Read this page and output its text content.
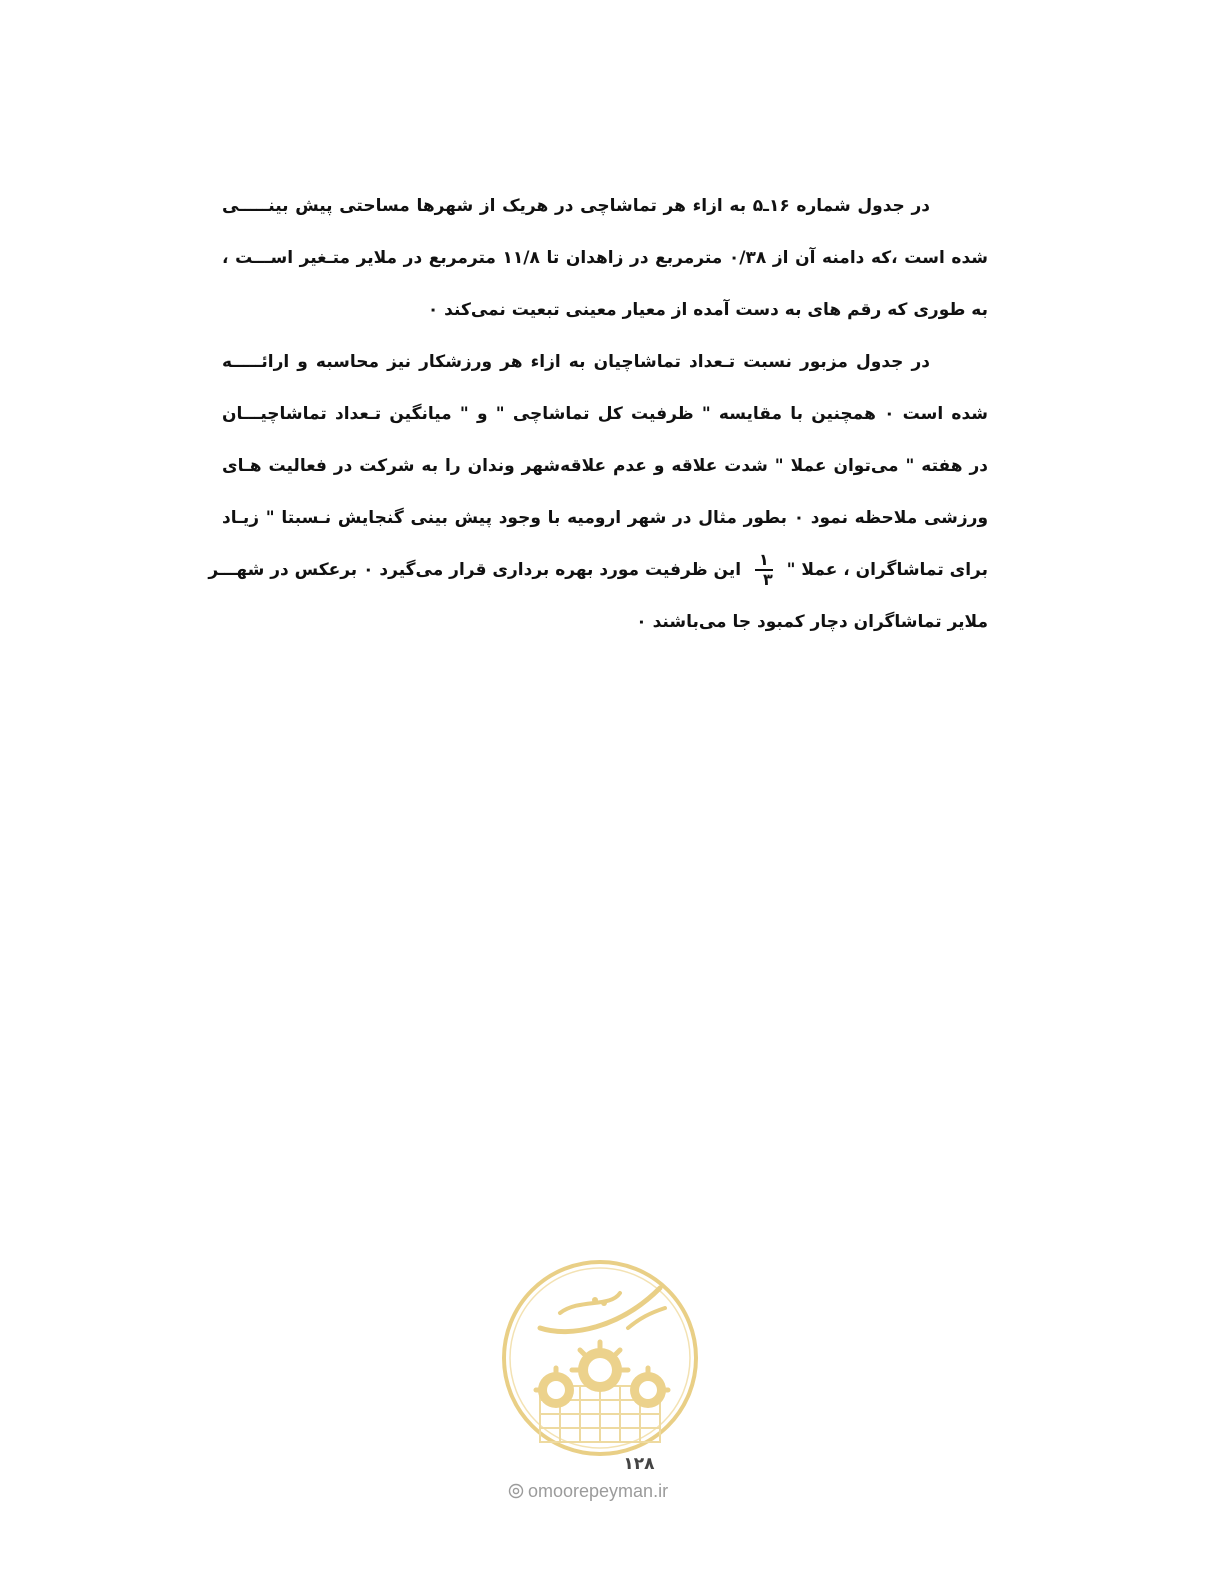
در جدول شماره ۱۶ـ۵ به ازاء هر تماشاچی در هریک از شهرها مساحتی پیش بینـــــی
شده است ،که دامنه آن از ۰/۳۸ مترمربع در زاهدان تا ۱۱/۸ مترمربع در ملایر متـغیر اســـت ،
به طوری که رقم های به دست آمده از معیار معینی تبعیت نمی‌کند ۰
در جدول مزبور نسبت تـعداد تماشاچیان به ازاء هر ورزشکار نیز محاسبه و ارائـــــه
شده است ۰ همچنین با مقایسه " ظرفیت کل تماشاچی " و " میانگین تـعداد تماشاچیـــان
در هفته " می‌توان عملا " شدت علاقه و عدم علاقه‌شهر وندان را به شرکت در فعالیت هـای
ورزشی ملاحظه نمود ۰ بطور مثال در شهر ارومیه با وجود پیش بینی گنجایش نـسبتا " زیـاد
برای تماشاگران ، عملا "
$\frac{۱}{۳}$
این ظرفیت مورد بهره برداری قرار می‌گیرد ۰ برعکس در شهـــر
ملایر تماشاگران دچار کمبود جا می‌باشند ۰
۱۲۸
omoorepeyman.ir
